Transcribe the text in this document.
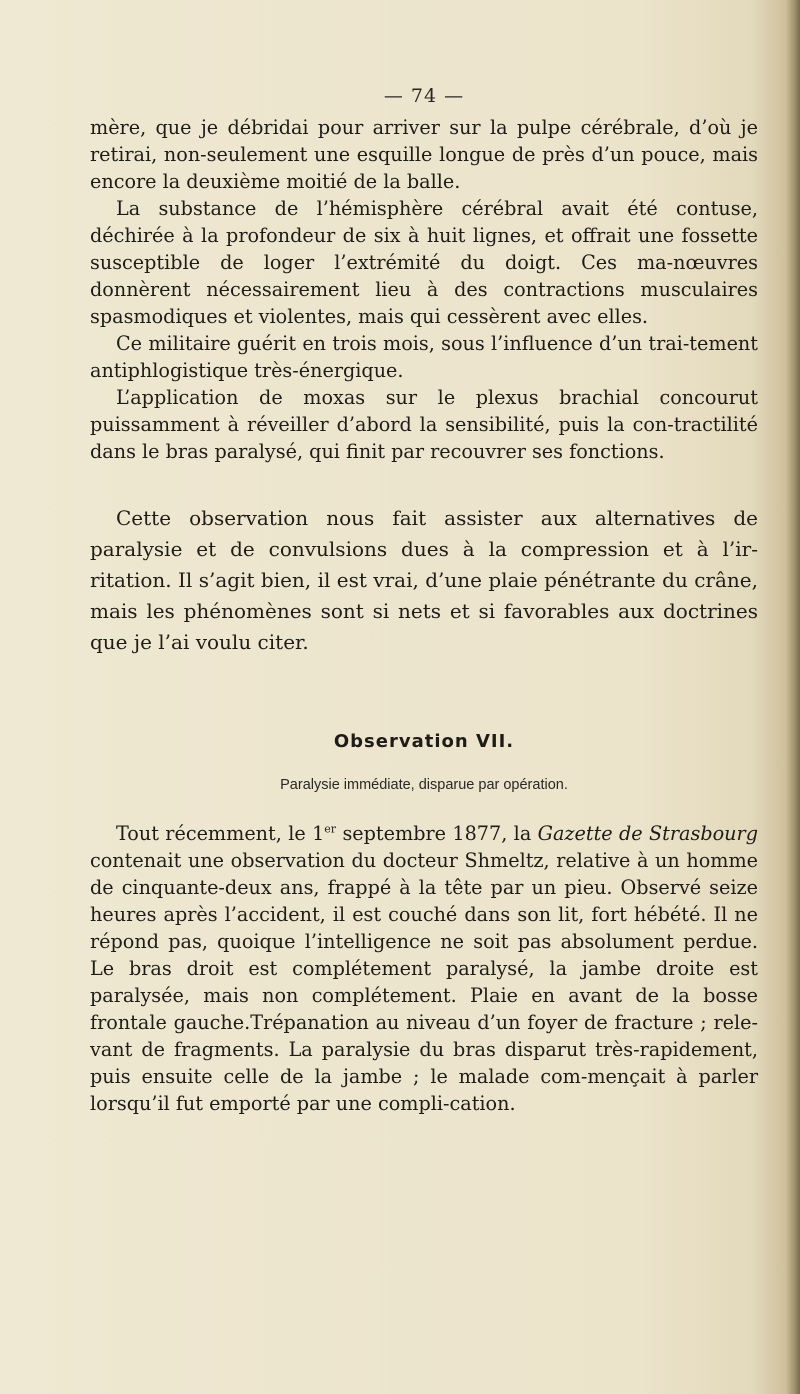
— 74 —

mère, que je débridai pour arriver sur la pulpe cérébrale, d’où je retirai, non-seulement une esquille longue de près d’un pouce, mais encore la deuxième moitié de la balle.

La substance de l’hémisphère cérébral avait été contuse, déchirée à la profondeur de six à huit lignes, et offrait une fossette susceptible de loger l’extrémité du doigt. Ces ma-nœuvres donnèrent nécessairement lieu à des contractions musculaires spasmodiques et violentes, mais qui cessèrent avec elles.

Ce militaire guérit en trois mois, sous l’influence d’un trai-tement antiphlogistique très-énergique.

L’application de moxas sur le plexus brachial concourut puissamment à réveiller d’abord la sensibilité, puis la con-tractilité dans le bras paralysé, qui finit par recouvrer ses fonctions.

Cette observation nous fait assister aux alternatives de paralysie et de convulsions dues à la compression et à l’ir-ritation. Il s’agit bien, il est vrai, d’une plaie pénétrante du crâne, mais les phénomènes sont si nets et si favorables aux doctrines que je l’ai voulu citer.

Observation VII.
Paralysie immédiate, disparue par opération.

Tout récemment, le 1er septembre 1877, la Gazette de Strasbourg contenait une observation du docteur Shmeltz, relative à un homme de cinquante-deux ans, frappé à la tête par un pieu. Observé seize heures après l’accident, il est couché dans son lit, fort hébété. Il ne répond pas, quoique l’intelligence ne soit pas absolument perdue. Le bras droit est complétement paralysé, la jambe droite est paralysée, mais non complétement. Plaie en avant de la bosse frontale gauche.Trépanation au niveau d’un foyer de fracture ; rele-vant de fragments. La paralysie du bras disparut très-rapidement, puis ensuite celle de la jambe ; le malade com-mençait à parler lorsqu’il fut emporté par une compli-cation.
